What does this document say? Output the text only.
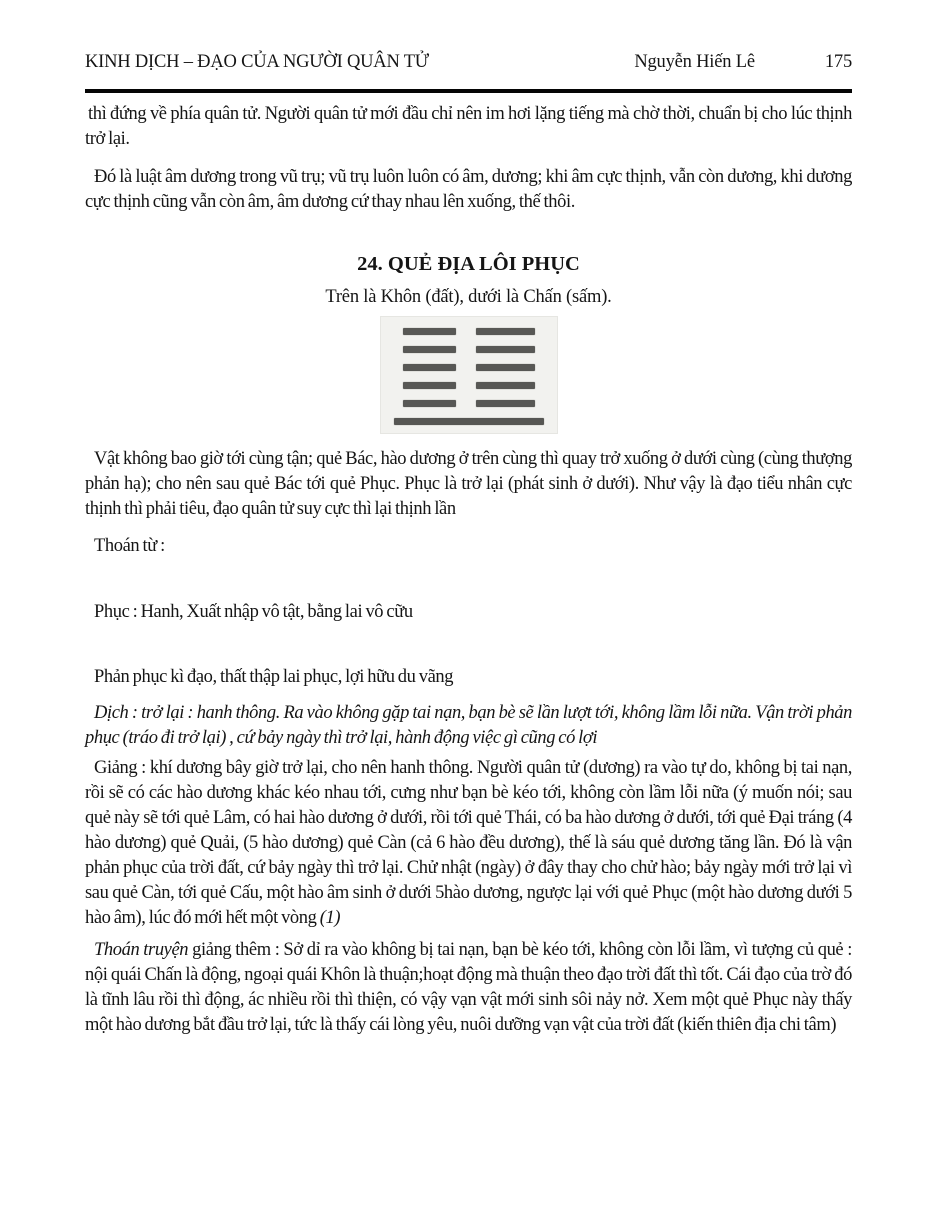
KINH DỊCH – ĐẠO CỦA NGƯỜI QUÂN TỬ	Nguyễn Hiến Lê	175

thì đứng về phía quân tử. Người quân tử mới đầu chỉ nên im hơi lặng tiếng mà chờ thời, chuẩn bị cho lúc thịnh trở lại.

Đó là luật âm dương trong vũ trụ; vũ trụ luôn luôn có âm, dương; khi âm cực thịnh, vẫn còn dương, khi dương cực thịnh cũng vẫn còn âm, âm dương cứ thay nhau lên xuống, thế thôi.

24. QUẺ ĐỊA LÔI PHỤC

Trên là Khôn (đất), dưới là Chấn (sấm).

Vật không bao giờ tới cùng tận; quẻ Bác, hào dương ở trên cùng thì quay trở xuống ở dưới cùng (cùng thượng phản hạ); cho nên sau quẻ Bác tới quẻ Phục. Phục là trở lại (phát sinh ở dưới). Như vậy là đạo tiểu nhân cực thịnh thì phải tiêu, đạo quân tử suy cực thì lại thịnh lần

Thoán từ :

Phục : Hanh, Xuất nhập vô tật, bằng lai vô cữu

Phản phục kì đạo, thất thập lai phục, lợi hữu du vãng

Dịch : trở lại : hanh thông. Ra vào không gặp tai nạn, bạn bè sẽ lần lượt tới, không lầm lỗi nữa. Vận trời phản phục (tráo đi trở lại) , cứ bảy ngày thì trở lại, hành động việc gì cũng có lợi

Giảng : khí dương bây giờ trở lại, cho nên hanh thông. Người quân tử (dương) ra vào tự do, không bị tai nạn, rồi sẽ có các hào dương khác kéo nhau tới, cưng như bạn bè kéo tới, không còn lầm lỗi nữa (ý muốn nói; sau quẻ này sẽ tới quẻ Lâm, có hai hào dương ở dưới, rồi tới quẻ Thái, có ba hào dương ở dưới, tới quẻ Đại tráng (4 hào dương) quẻ Quải, (5 hào dương) quẻ Càn (cả 6 hào đều dương), thế là sáu quẻ dương tăng lần. Đó là vận phản phục của trời đất, cứ bảy ngày thì trở lại. Chử nhật (ngày) ở đây thay cho chử hào; bảy ngày mới trở lại vì sau quẻ Càn, tới quẻ Cấu, một hào âm sinh ở dưới 5hào dương, ngược lại với quẻ Phục (một hào dương dưới 5 hào âm), lúc đó mới hết một vòng (1)

Thoán truyện giảng thêm : Sở dỉ ra vào không bị tai nạn, bạn bè kéo tới, không còn lỗi lầm, vì tượng củ quẻ : nội quái Chấn là động, ngoại quái Khôn là thuận;hoạt động mà thuận theo đạo trời đất thì tốt. Cái đạo của trờ đó là tĩnh lâu rồi thì động, ác nhiều rồi thì thiện, có vậy vạn vật mới sinh sôi nảy nở. Xem một quẻ Phục này thấy một hào dương bắt đầu trở lại, tức là thấy cái lòng yêu, nuôi dưỡng vạn vật của trời đất (kiến thiên địa chi tâm)
